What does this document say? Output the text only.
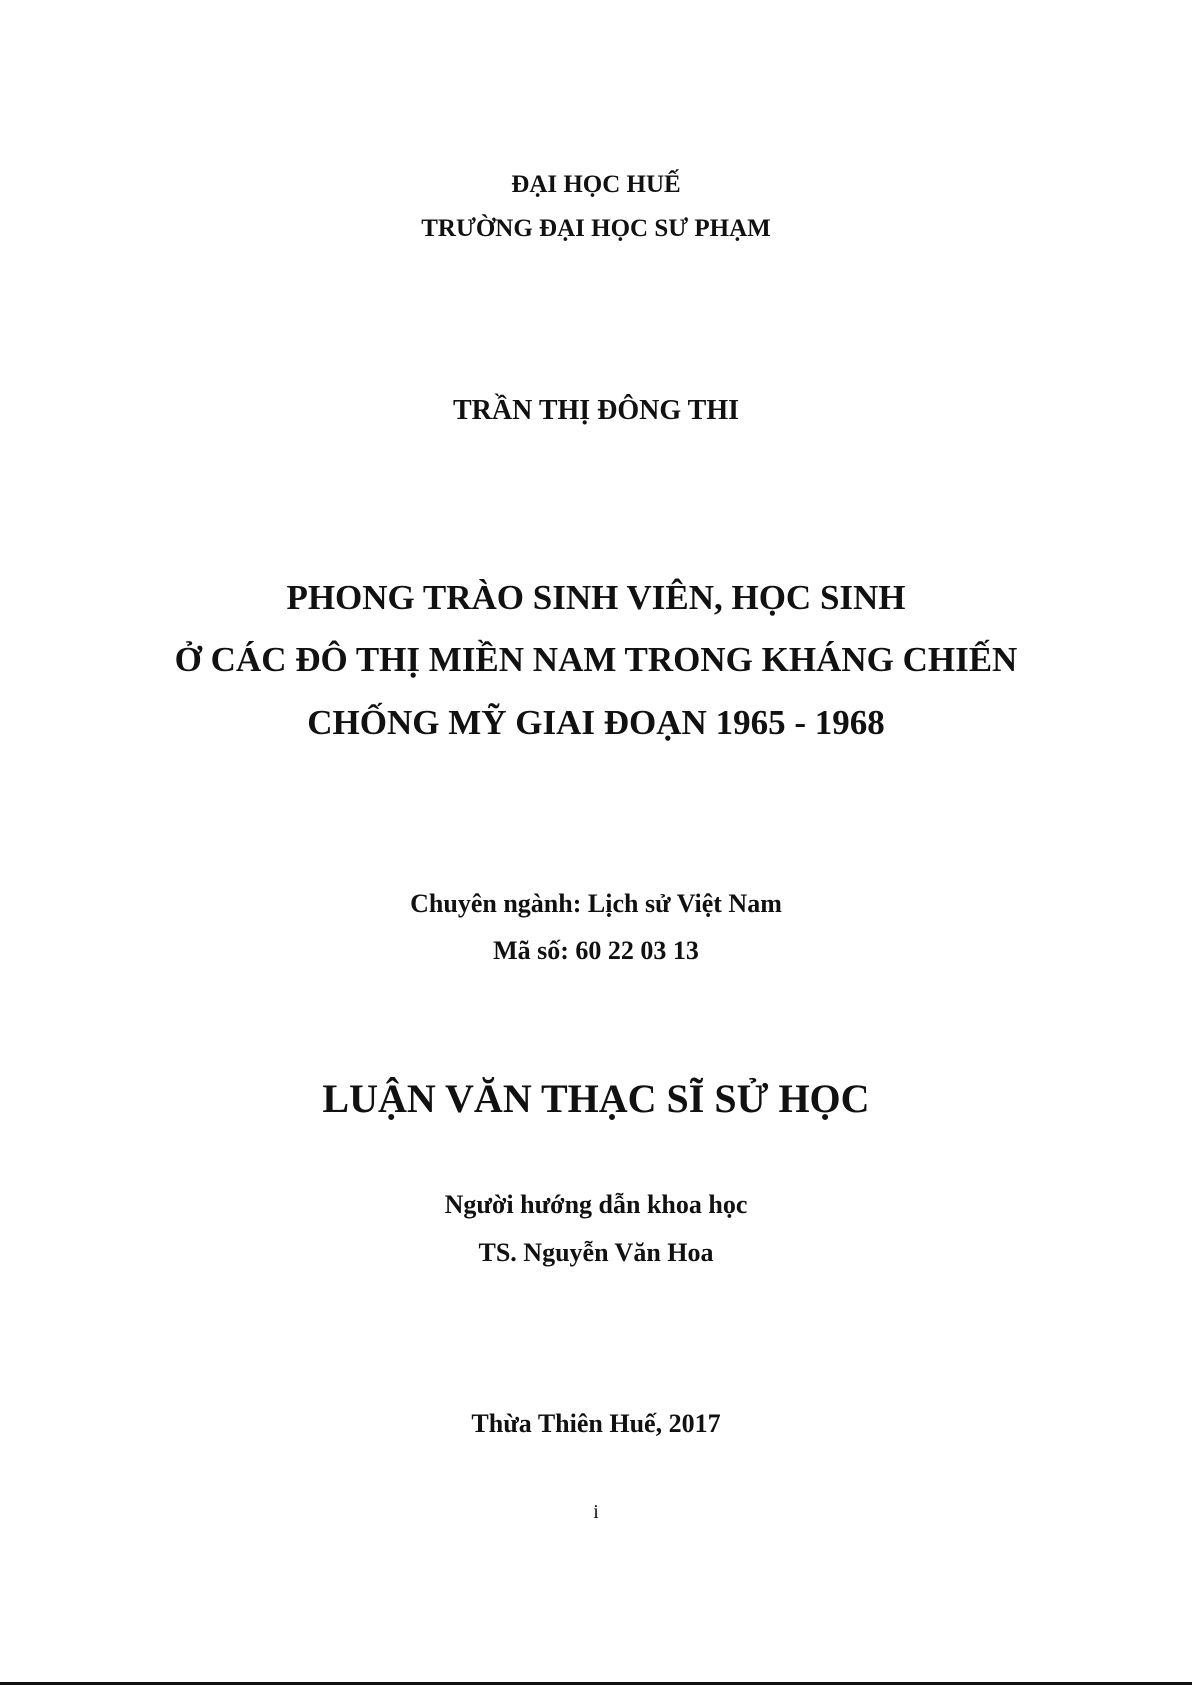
ĐẠI HỌC HUẾ

TRƯỜNG ĐẠI HỌC SƯ PHẠM

TRẦN THỊ ĐÔNG THI

PHONG TRÀO SINH VIÊN, HỌC SINH

Ở CÁC ĐÔ THỊ MIỀN NAM TRONG KHÁNG CHIẾN

CHỐNG MỸ GIAI ĐOẠN 1965 - 1968

Chuyên ngành: Lịch sử Việt Nam

Mã số: 60 22 03 13

LUẬN VĂN THẠC SĨ SỬ HỌC

Người hướng dẫn khoa học

TS. Nguyễn Văn Hoa

Thừa Thiên Huế, 2017

i
